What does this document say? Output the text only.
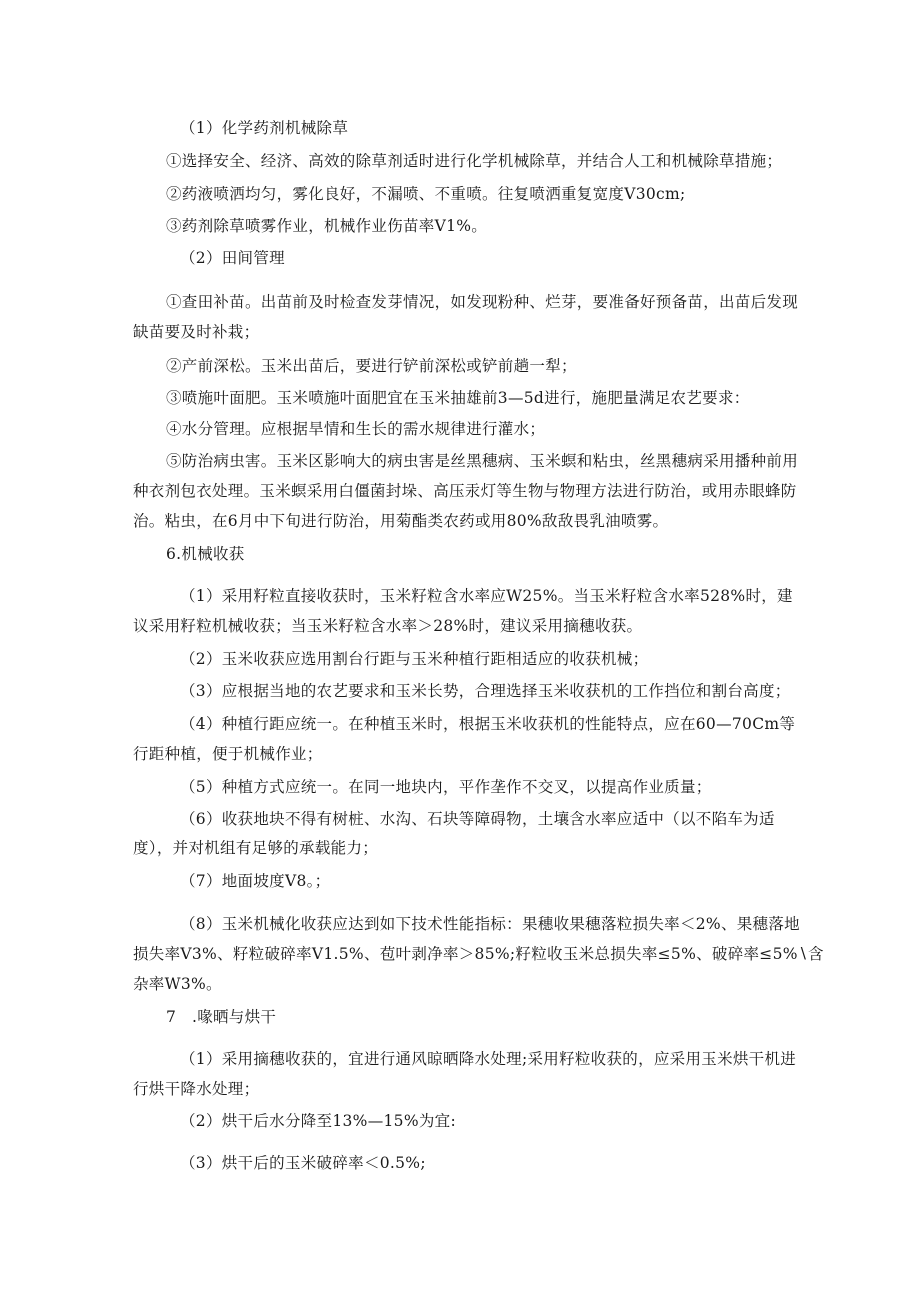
（1）化学药剂机械除草
①选择安全、经济、高效的除草剂适时进行化学机械除草，并结合人工和机械除草措施；
②药液喷洒均匀，雾化良好，不漏喷、不重喷。往复喷洒重复宽度V30cm;
③药剂除草喷雾作业，机械作业伤苗率V1%。
（2）田间管理
①查田补苗。出苗前及时检查发芽情况，如发现粉种、烂芽，要准备好预备苗，出苗后发现
缺苗要及时补栽；
②产前深松。玉米出苗后，要进行铲前深松或铲前趟一犁；
③喷施叶面肥。玉米喷施叶面肥宜在玉米抽雄前3—5d进行，施肥量满足农艺要求：
④水分管理。应根据旱情和生长的需水规律进行灌水；
⑤防治病虫害。玉米区影响大的病虫害是丝黑穗病、玉米螟和粘虫，丝黑穗病采用播种前用
种衣剂包衣处理。玉米螟采用白僵菌封垛、高压汞灯等生物与物理方法进行防治，或用赤眼蜂防
治。粘虫，在6月中下旬进行防治，用菊酯类农药或用80%敌敌畏乳油喷雾。
6.机械收获
（1）采用籽粒直接收获时，玉米籽粒含水率应W25%。当玉米籽粒含水率528%时，建
议采用籽粒机械收获；当玉米籽粒含水率＞28%时，建议采用摘穗收获。
（2）玉米收获应选用割台行距与玉米种植行距相适应的收获机械；
（3）应根据当地的农艺要求和玉米长势，合理选择玉米收获机的工作挡位和割台高度；
（4）种植行距应统一。在种植玉米时，根据玉米收获机的性能特点，应在60—70Cm等
行距种植，便于机械作业；
（5）种植方式应统一。在同一地块内，平作垄作不交叉，以提高作业质量；
（6）收获地块不得有树桩、水沟、石块等障碍物，土壤含水率应适中（以不陷车为适
度），并对机组有足够的承载能力；
（7）地面坡度V8。；
（8）玉米机械化收获应达到如下技术性能指标：果穗收果穗落粒损失率＜2%、果穗落地
损失率V3%、籽粒破碎率V1.5%、苞叶剥净率＞85%;籽粒收玉米总损失率≤5%、破碎率≤5%∖含
杂率W3%。
7　.喙晒与烘干
（1）采用摘穗收获的，宜进行通风晾晒降水处理;采用籽粒收获的，应采用玉米烘干机进
行烘干降水处理；
（2）烘干后水分降至13%—15%为宜:
（3）烘干后的玉米破碎率＜0.5%;
